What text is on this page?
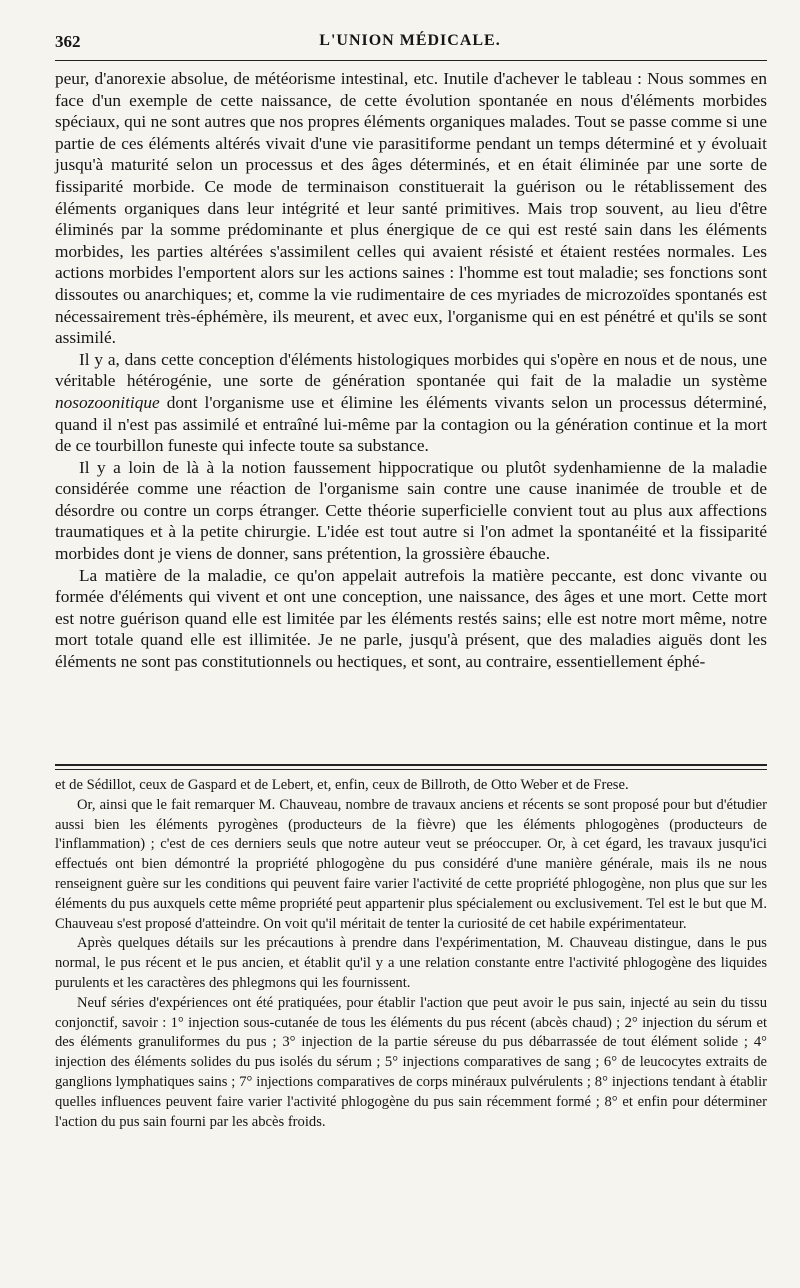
362	L'UNION MÉDICALE.

peur, d'anorexie absolue, de météorisme intestinal, etc. Inutile d'achever le tableau : Nous sommes en face d'un exemple de cette naissance, de cette évolution spontanée en nous d'éléments morbides spéciaux, qui ne sont autres que nos propres éléments organiques malades. Tout se passe comme si une partie de ces éléments altérés vivait d'une vie parasitiforme pendant un temps déterminé et y évoluait jusqu'à maturité selon un processus et des âges déterminés, et en était éliminée par une sorte de fissiparité morbide. Ce mode de terminaison constituerait la guérison ou le rétablissement des éléments organiques dans leur intégrité et leur santé primitives. Mais trop souvent, au lieu d'être éliminés par la somme prédominante et plus énergique de ce qui est resté sain dans les éléments morbides, les parties altérées s'assimilent celles qui avaient résisté et étaient restées normales. Les actions morbides l'emportent alors sur les actions saines : l'homme est tout maladie; ses fonctions sont dissoutes ou anarchiques; et, comme la vie rudimentaire de ces myriades de microzoïdes spontanés est nécessairement très-éphémère, ils meurent, et avec eux, l'organisme qui en est pénétré et qu'ils se sont assimilé.

Il y a, dans cette conception d'éléments histologiques morbides qui s'opère en nous et de nous, une véritable hétérogénie, une sorte de génération spontanée qui fait de la maladie un système nosozoonitique dont l'organisme use et élimine les éléments vivants selon un processus déterminé, quand il n'est pas assimilé et entraîné lui-même par la contagion ou la génération continue et la mort de ce tourbillon funeste qui infecte toute sa substance.

Il y a loin de là à la notion faussement hippocratique ou plutôt sydenhamienne de la maladie considérée comme une réaction de l'organisme sain contre une cause inanimée de trouble et de désordre ou contre un corps étranger. Cette théorie superficielle convient tout au plus aux affections traumatiques et à la petite chirurgie. L'idée est tout autre si l'on admet la spontanéité et la fissiparité morbides dont je viens de donner, sans prétention, la grossière ébauche.

La matière de la maladie, ce qu'on appelait autrefois la matière peccante, est donc vivante ou formée d'éléments qui vivent et ont une conception, une naissance, des âges et une mort. Cette mort est notre guérison quand elle est limitée par les éléments restés sains; elle est notre mort même, notre mort totale quand elle est illimitée. Je ne parle, jusqu'à présent, que des maladies aiguës dont les éléments ne sont pas constitutionnels ou hectiques, et sont, au contraire, essentiellement éphé-

et de Sédillot, ceux de Gaspard et de Lebert, et, enfin, ceux de Billroth, de Otto Weber et de Frese.

Or, ainsi que le fait remarquer M. Chauveau, nombre de travaux anciens et récents se sont proposé pour but d'étudier aussi bien les éléments pyrogènes (producteurs de la fièvre) que les éléments phlogogènes (producteurs de l'inflammation) ; c'est de ces derniers seuls que notre auteur veut se préoccuper. Or, à cet égard, les travaux jusqu'ici effectués ont bien démontré la propriété phlogogène du pus considéré d'une manière générale, mais ils ne nous renseignent guère sur les conditions qui peuvent faire varier l'activité de cette propriété phlogogène, non plus que sur les éléments du pus auxquels cette même propriété peut appartenir plus spécialement ou exclusivement. Tel est le but que M. Chauveau s'est proposé d'atteindre. On voit qu'il méritait de tenter la curiosité de cet habile expérimentateur.

Après quelques détails sur les précautions à prendre dans l'expérimentation, M. Chauveau distingue, dans le pus normal, le pus récent et le pus ancien, et établit qu'il y a une relation constante entre l'activité phlogogène des liquides purulents et les caractères des phlegmons qui les fournissent.

Neuf séries d'expériences ont été pratiquées, pour établir l'action que peut avoir le pus sain, injecté au sein du tissu conjonctif, savoir : 1° injection sous-cutanée de tous les éléments du pus récent (abcès chaud) ; 2° injection du sérum et des éléments granuliformes du pus ; 3° injection de la partie séreuse du pus débarrassée de tout élément solide ; 4° injection des éléments solides du pus isolés du sérum ; 5° injections comparatives de sang ; 6° de leucocytes extraits de ganglions lymphatiques sains ; 7° injections comparatives de corps minéraux pulvérulents ; 8° injections tendant à établir quelles influences peuvent faire varier l'activité phlogogène du pus sain récemment formé ; 8° et enfin pour déterminer l'action du pus sain fourni par les abcès froids.
